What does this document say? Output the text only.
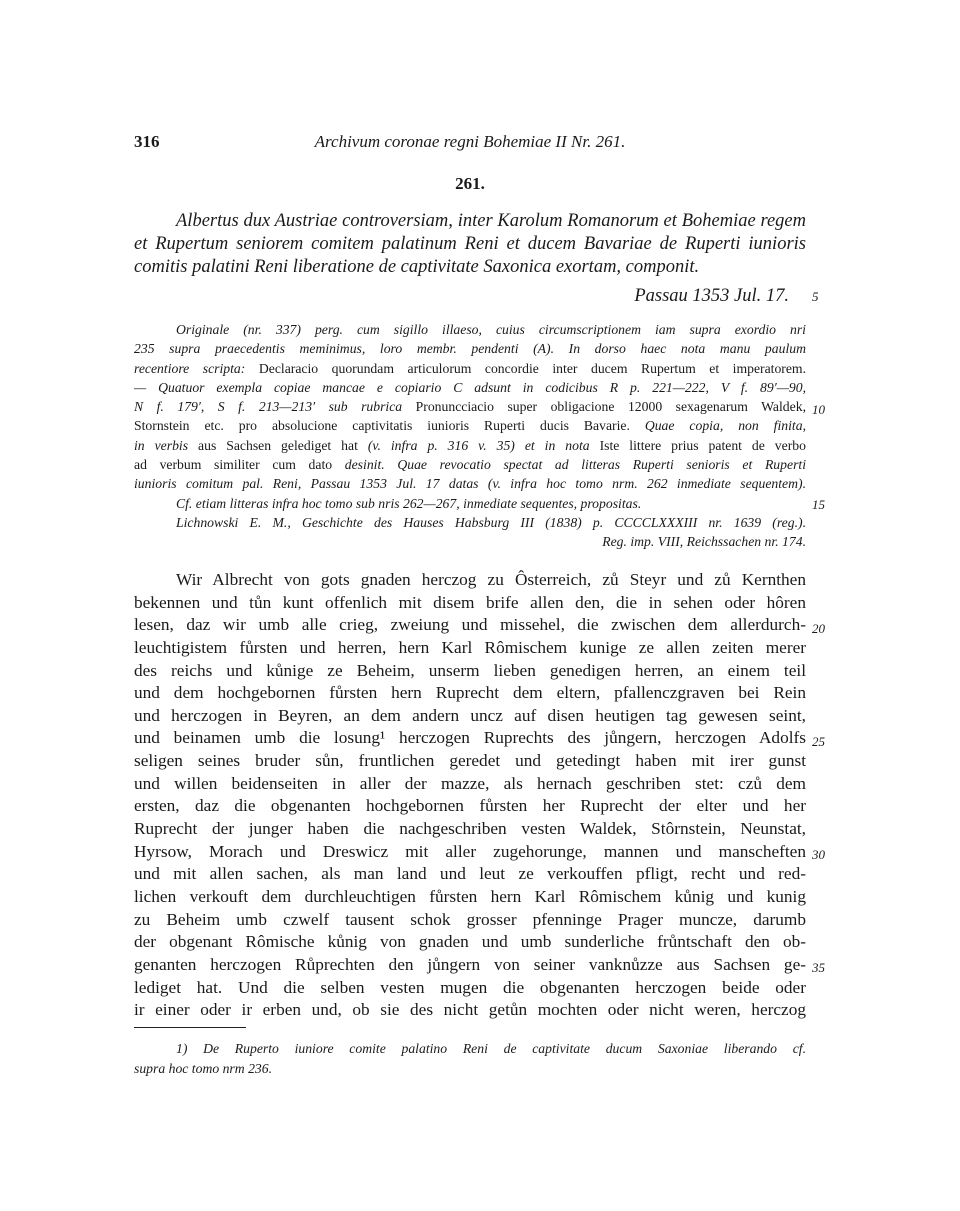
316	Archivum coronae regni Bohemiae II Nr. 261.
261.

Albertus dux Austriae controversiam, inter Karolum Romanorum et Bohemiae regem et Rupertum seniorem comitem palatinum Reni et ducem Bavariae de Ruperti iunioris comitis palatini Reni liberatione de captivitate Saxonica exortam, componit.

Passau 1353 Jul. 17.
Originale (nr. 337) perg. cum sigillo illaeso, cuius circumscriptionem iam supra exordio nri
235 supra praecedentis meminimus, loro membr. pendenti (A). In dorso haec nota manu paulum
recentiore scripta: Declaracio quorundam articulorum concordie inter ducem Rupertum et imperatorem.
— Quatuor exempla copiae mancae e copiario C adsunt in codicibus R p. 221—222, V f. 89′—90,
N f. 179′, S f. 213—213′ sub rubrica Pronuncciacio super obligacione 12000 sexagenarum Waldek,
Stornstein etc. pro absolucione captivitatis iunioris Ruperti ducis Bavarie. Quae copia, non finita,
in verbis aus Sachsen gelediget hat (v. infra p. 316 v. 35) et in nota Iste littere prius patent de verbo
ad verbum similiter cum dato desinit. Quae revocatio spectat ad litteras Ruperti senioris et Ruperti
iunioris comitum pal. Reni, Passau 1353 Jul. 17 datas (v. infra hoc tomo nrm. 262 inmediate sequentem).
Cf. etiam litteras infra hoc tomo sub nris 262—267, inmediate sequentes, propositas.
Lichnowski E. M., Geschichte des Hauses Habsburg III (1838) p. CCCCLXXXIII nr. 1639 (reg.).
Reg. imp. VIII, Reichssachen nr. 174.
Wir Albrecht von gots gnaden herczog zu Ôsterreich, zů Steyr und zů Kernthen
bekennen und tůn kunt offenlich mit disem brife allen den, die in sehen oder hôren
lesen, daz wir umb alle crieg, zweiung und missehel, die zwischen dem allerdurch-
leuchtigistem fůrsten und herren, hern Karl Rômischem kunige ze allen zeiten merer
des reichs und kůnige ze Beheim, unserm lieben genedigen herren, an einem teil
und dem hochgebornen fůrsten hern Ruprecht dem eltern, pfallenczgraven bei Rein
und herczogen in Beyren, an dem andern uncz auf disen heutigen tag gewesen seint,
und beinamen umb die losung¹ herczogen Ruprechts des jůngern, herczogen Adolfs
seligen seines bruder sůn, fruntlichen geredet und getedingt haben mit irer gunst
und willen beidenseiten in aller der mazze, als hernach geschriben stet: czů dem
ersten, daz die obgenanten hochgebornen fůrsten her Ruprecht der elter und her
Ruprecht der junger haben die nachgeschriben vesten Waldek, Stôrnstein, Neunstat,
Hyrsow, Morach und Dreswicz mit aller zugehorunge, mannen und manscheften
und mit allen sachen, als man land und leut ze verkouffen pfligt, recht und red-
lichen verkouft dem durchleuchtigen fůrsten hern Karl Rômischem kůnig und kunig
zu Beheim umb czwelf tausent schok grosser pfenninge Prager muncze, darumb
der obgenant Rômische kůnig von gnaden und umb sunderliche frůntschaft den ob-
genanten herczogen Růprechten den jůngern von seiner vanknůzze aus Sachsen ge-
lediget hat. Und die selben vesten mugen die obgenanten herczogen beide oder
ir einer oder ir erben und, ob sie des nicht getůn mochten oder nicht weren, herczog
5
10
15
20
25
30
35
1) De Ruperto iuniore comite palatino Reni de captivitate ducum Saxoniae liberando cf.
supra hoc tomo nrm 236.
